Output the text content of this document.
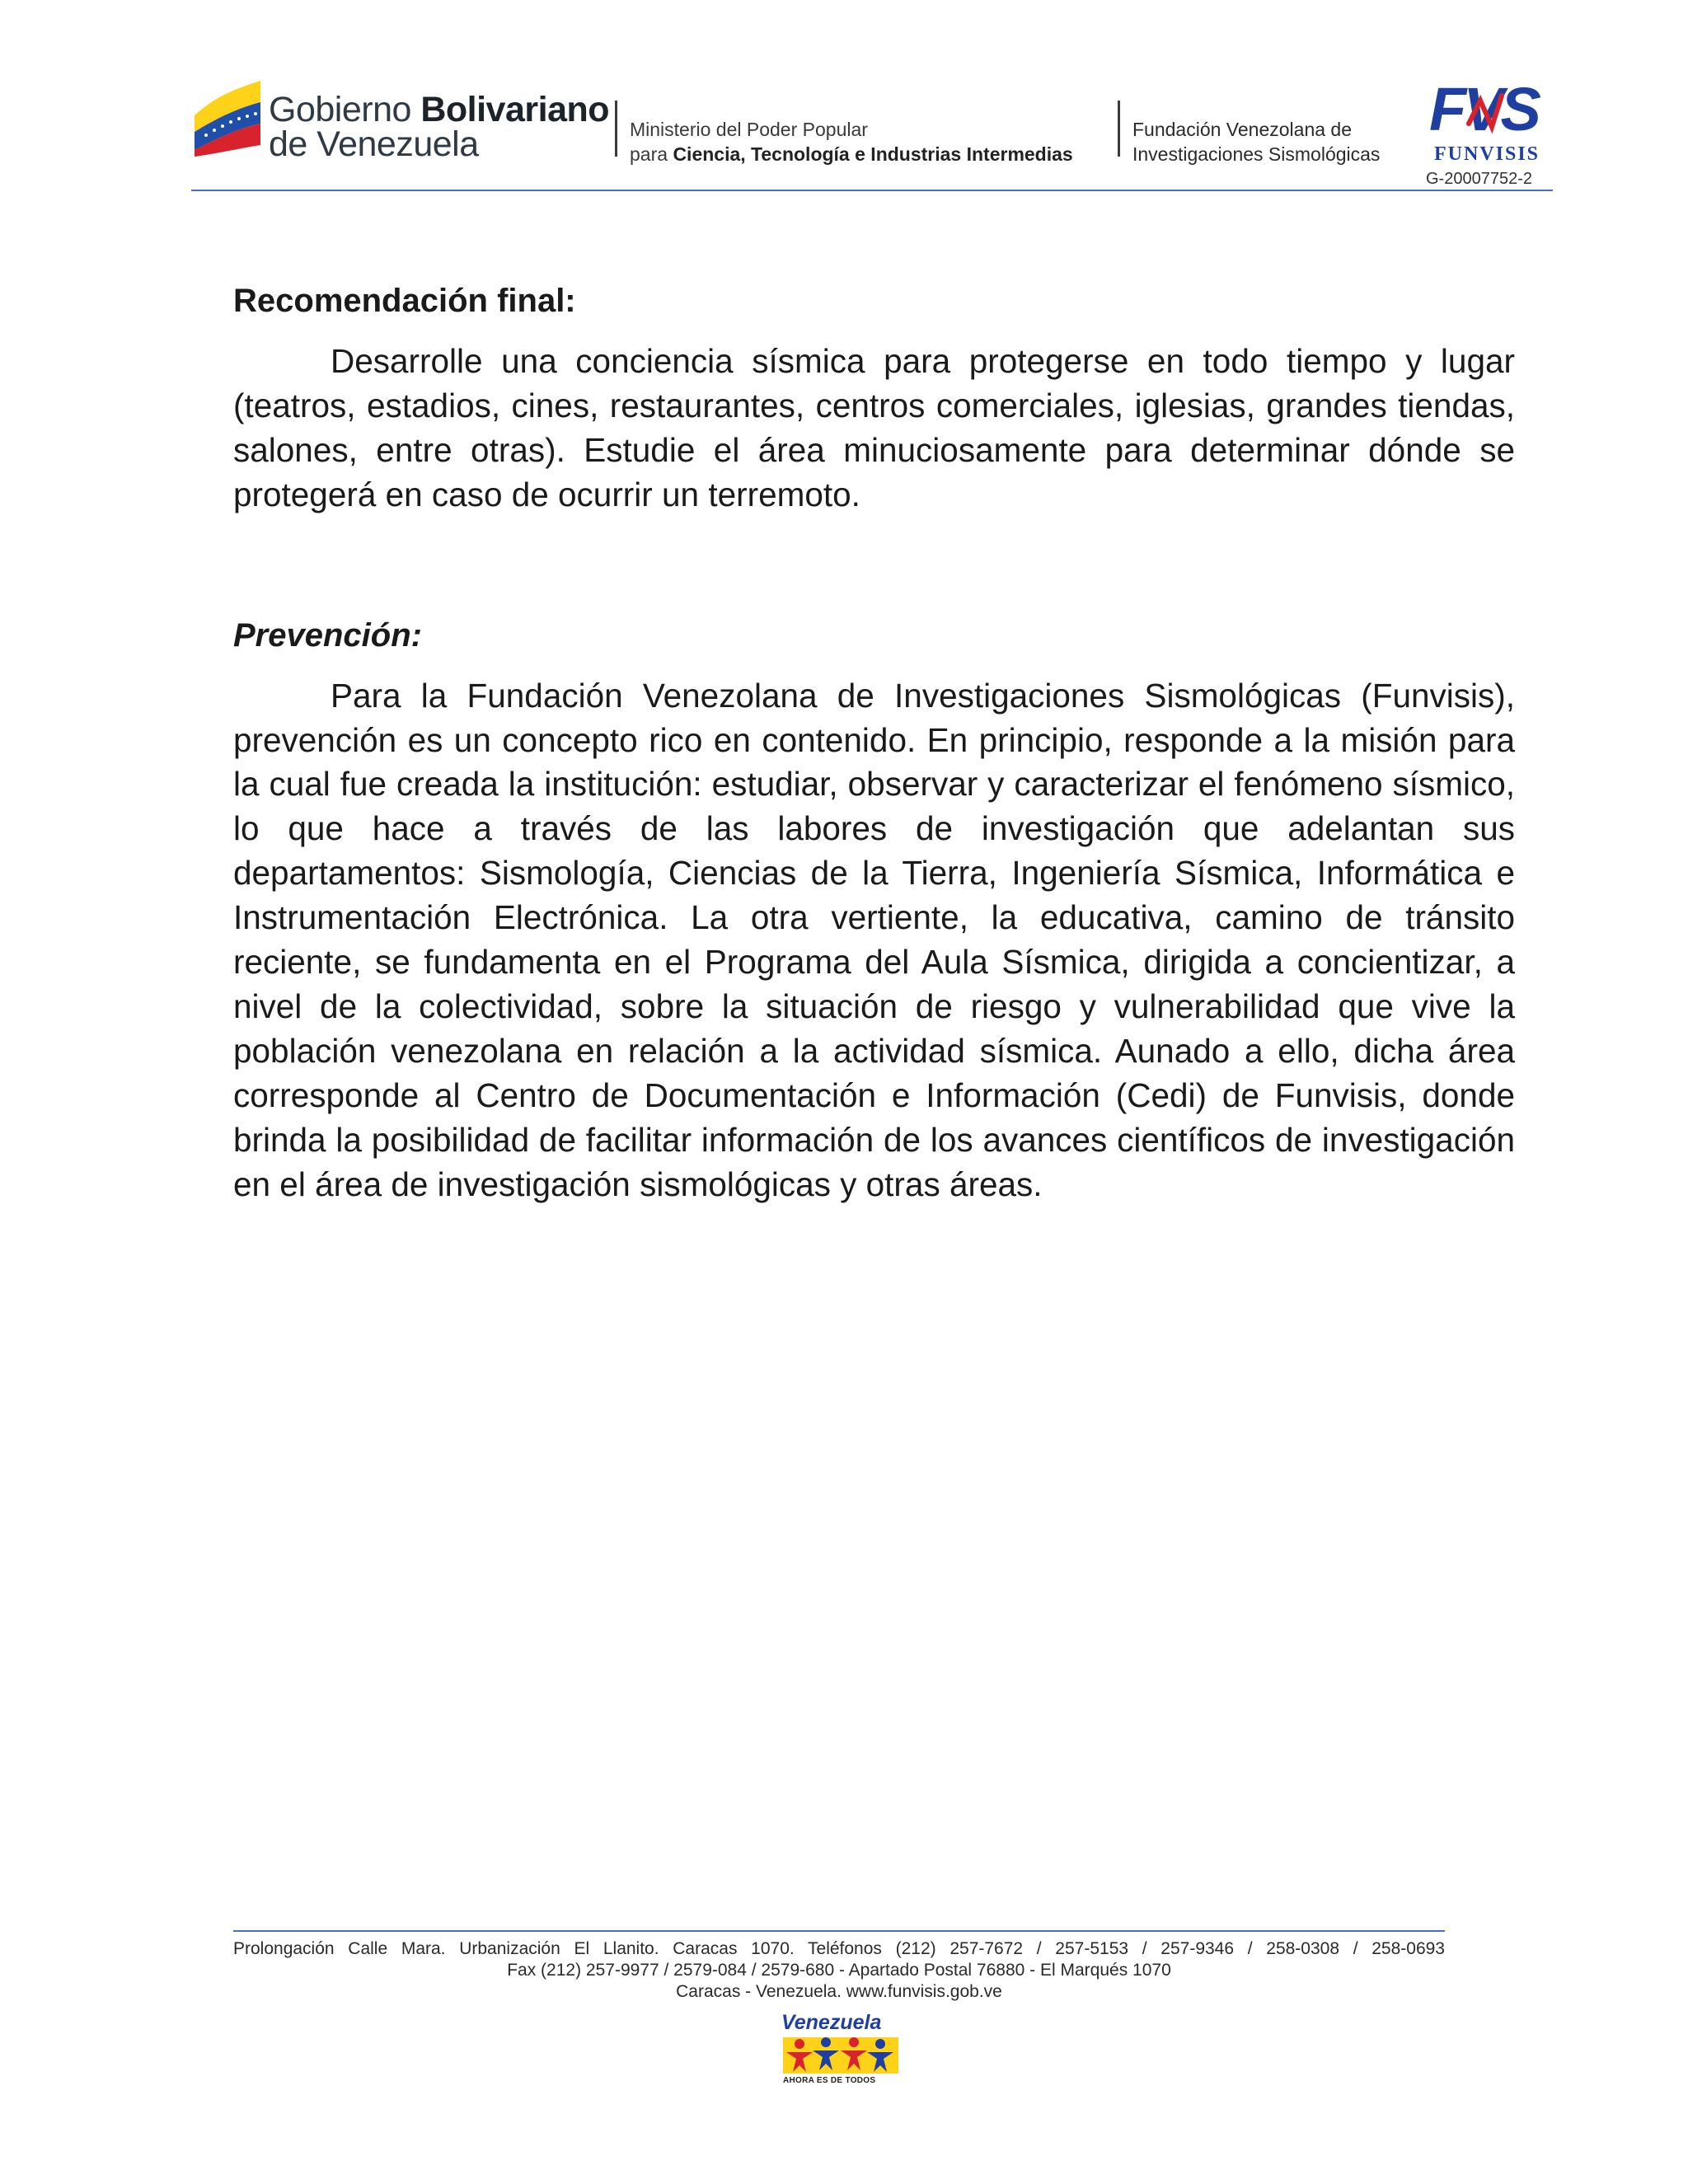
Gobierno Bolivariano
de Venezuela	Ministerio del Poder Popular
para Ciencia, Tecnología e Industrias Intermedias
Fundación Venezolana de
Investigaciones Sismológicas
FVS
FUNVISIS
G-20007752-2
Recomendación final:

Desarrolle una conciencia sísmica para protegerse en todo tiempo y lugar (teatros, estadios, cines, restaurantes, centros comerciales, iglesias, grandes tiendas, salones, entre otras). Estudie el área minuciosamente para determinar dónde se protegerá en caso de ocurrir un terremoto.

Prevención:

Para la Fundación Venezolana de Investigaciones Sismológicas (Funvisis), prevención es un concepto rico en contenido. En principio, responde a la misión para la cual fue creada la institución: estudiar, observar y caracterizar el fenómeno sísmico, lo que hace a través de las labores de investigación que adelantan sus departamentos: Sismología, Ciencias de la Tierra, Ingeniería Sísmica, Informática e Instrumentación Electrónica. La otra vertiente, la educativa, camino de tránsito reciente, se fundamenta en el Programa del Aula Sísmica, dirigida a concientizar, a nivel de la colectividad, sobre la situación de riesgo y vulnerabilidad que vive la población venezolana en relación a la actividad sísmica. Aunado a ello, dicha área corresponde al Centro de Documentación e Información (Cedi) de Funvisis, donde brinda la posibilidad de facilitar información de los avances científicos de investigación en el área de investigación sismológicas y otras áreas.

Prolongación Calle Mara. Urbanización El Llanito. Caracas 1070. Teléfonos (212) 257-7672 / 257-5153 / 257-9346 / 258-0308 / 258-0693
Fax (212) 257-9977 / 2579-084 / 2579-680 - Apartado Postal 76880 - El Marqués 1070
Caracas - Venezuela. www.funvisis.gob.ve
Venezuela
AHORA ES DE TODOS
